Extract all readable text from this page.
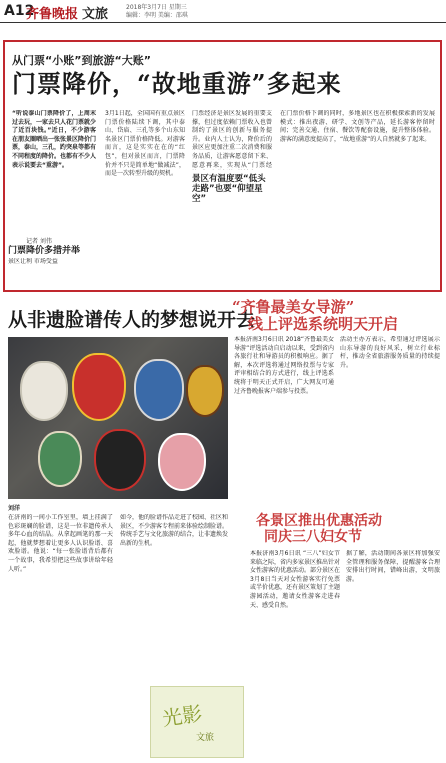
A12
齐鲁晚报 文旅	2018年3月7日 星期三
编辑：李明 美编：邵琪
从门票“小账”到旅游“大账”
门票降价，“故地重游”多起来
“听说泰山门票降价了，上周末过去玩，一家去只人花门票就少了近百块钱。”近日，不少游客在朋友圈晒出一张张景区降价门票，泰山，三孔，趵突泉等都有不同程度的降价。也都有不少人表示说要去“重游”。
记者 刘伟
门票降价多措并举
景区让利 市场受益
3月1日起，全国国有重点景区门票价格陆续下调，其中泰山、岱庙、三孔等多个山东知名景区门票价格降低。对游客而言，这是实实在在的“红包”，但对景区而言，门票降价并不只是简单地“做减法”，而是一次转型升级的契机。
门票经济是景区发展的重要支撑，但过度依赖门票收入也曾制约了景区的创新与服务提升。业内人士认为，降价后的景区应更加注重二次消费和服务品质，让游客愿意留下来、愿意再来，实现从“门票经
景区有温度要“低头走路”也要“仰望星空”
在门票价格下调的同时，多地景区也在积极探索新的发展模式：推出夜游、研学、文创等产品，延长游客停留时间；完善交通、住宿、餐饮等配套设施，提升整体体验。游客的满意度提高了，“故地重游”的人自然就多了起来。
从非遗脸谱传人的梦想说开去
刘洋
在济南的一间小工作室里，墙上挂满了色彩斑斓的脸谱，这是一位非遗传承人多年心血的结晶。从拿起画笔的那一天起，他就梦想着让更多人认识脸谱、喜欢脸谱。他说：“每一张脸谱背后都有一个故事，我希望把这些故事讲给年轻人听。”
如今，他的脸谱作品走进了校园、社区和景区，不少游客专程前来体验绘制脸谱。传统手艺与文化旅游的结合，让非遗焕发出新的生机。
“齐鲁最美女导游”
线上评选系统明天开启
本报济南3月6日讯 2018“齐鲁最美女导游”评选活动自启动以来，受到省内各旅行社和导游员的积极响应。据了解，本次评选将通过网络投票与专家评审相结合的方式进行，线上评选系统将于明天正式开启，广大网友可通过齐鲁晚报客户端参与投票。
活动主办方表示，希望通过评选展示山东导游的良好风采，树立行业标杆，推动全省旅游服务质量的持续提升。
各景区推出优惠活动
同庆三八妇女节
本报济南3月6日讯 “三八”妇女节来临之际，省内多家景区推出针对女性游客的优惠活动。部分景区在3月8日当天对女性游客实行免票或半价优惠，还有景区策划了主题游园活动，邀请女性游客走进春天、感受自然。
据了解，活动期间各景区将加强安全管理和服务保障，提醒游客合理安排出行时间，错峰出游，文明旅游。
光影
文旅
